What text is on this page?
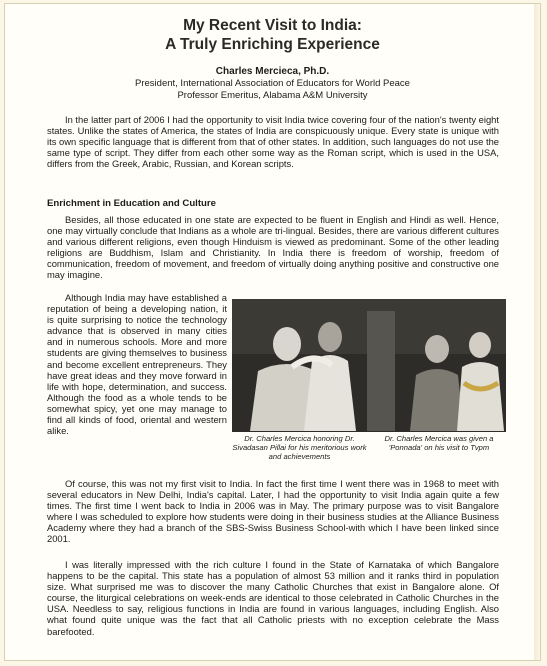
My Recent Visit to India:
A Truly Enriching Experience
Charles Mercieca, Ph.D.
President, International Association of Educators for World Peace
Professor Emeritus, Alabama A&M University

In the latter part of 2006 I had the opportunity to visit India twice covering four of the nation's twenty eight states. Unlike the states of America, the states of India are conspicuously unique. Every state is unique with its own specific language that is different from that of other states. In addition, such languages do not use the same type of script. They differ from each other some way as the Roman script, which is used in the USA, differs from the Greek, Arabic, Russian, and Korean scripts.

Enrichment in Education and Culture

Besides, all those educated in one state are expected to be fluent in English and Hindi as well. Hence, one may virtually conclude that Indians as a whole are tri-lingual. Besides, there are various different cultures and various different religions, even though Hinduism is viewed as predominant. Some of the other leading religions are Buddhism, Islam and Christianity. In India there is freedom of worship, freedom of communication, freedom of movement, and freedom of virtually doing anything positive and constructive one may imagine.

Although India may have established a reputation of being a developing nation, it is quite surprising to notice the technology advance that is observed in many cities and in numerous schools. More and more students are giving themselves to business and become excellent entrepreneurs. They have great ideas and they move forward in life with hope, determination, and success. Although the food as a whole tends to be somewhat spicy, yet one may manage to find all kinds of food, oriental and western alike.

Dr. Charles Mercica honoring Dr. Sivadasan Pillai for his meritorious work and achievements
Dr. Charles Mercica was given a 'Ponnada' on his visit to Tvpm

Of course, this was not my first visit to India. In fact the first time I went there was in 1968 to meet with several educators in New Delhi, India's capital. Later, I had the opportunity to visit India again quite a few times. The first time I went back to India in 2006 was in May. The primary purpose was to visit Bangalore where I was scheduled to explore how students were doing in their business studies at the Alliance Business Academy where they had a branch of the SBS-Swiss Business School-with which I have been linked since 2001.

I was literally impressed with the rich culture I found in the State of Karnataka of which Bangalore happens to be the capital. This state has a population of almost 53 million and it ranks third in population size. What surprised me was to discover the many Catholic Churches that exist in Bangalore alone. Of course, the liturgical celebrations on week-ends are identical to those celebrated in Catholic Churches in the USA. Needless to say, religious functions in India are found in various languages, including English. Also what found quite unique was the fact that all Catholic priests with no exception celebrate the Mass barefooted.
